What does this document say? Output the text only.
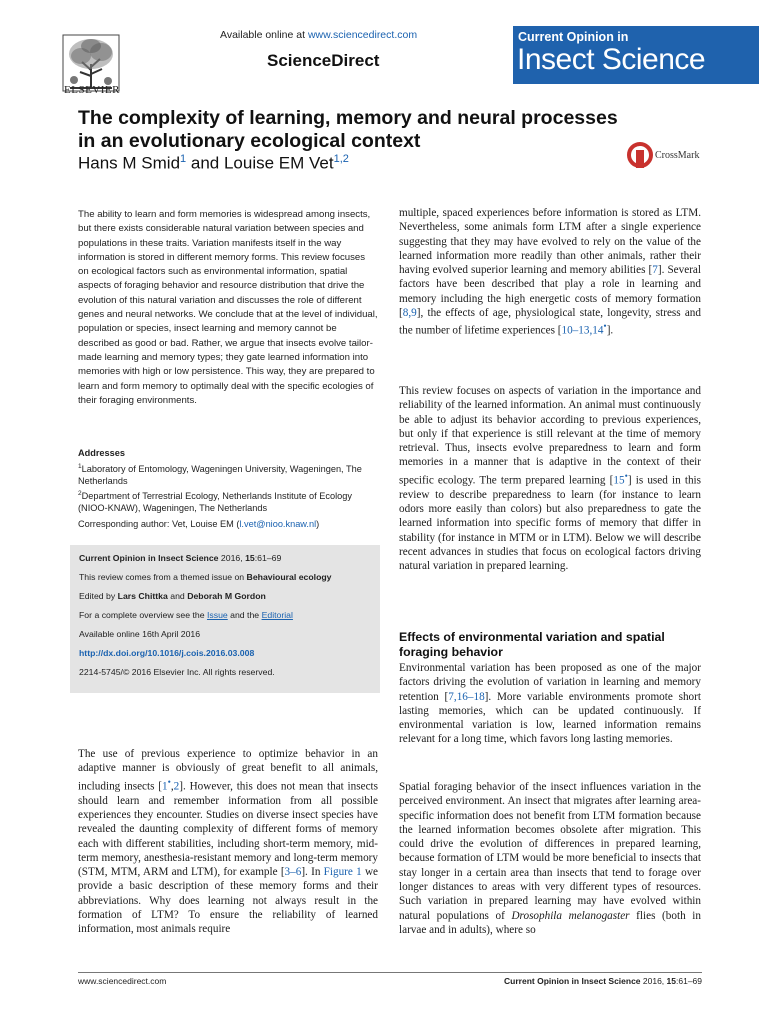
ELSEVIER
Available online at www.sciencedirect.com
ScienceDirect
Current Opinion in
Insect Science
The complexity of learning, memory and neural processes in an evolutionary ecological context
Hans M Smid$^1$ and Louise EM Vet$^{1,2}$	CrossMark
The ability to learn and form memories is widespread among insects, but there exists considerable natural variation between species and populations in these traits. Variation manifests itself in the way information is stored in different memory forms. This review focuses on ecological factors such as environmental information, spatial aspects of foraging behavior and resource distribution that drive the evolution of this natural variation and discusses the role of different genes and neural networks. We conclude that at the level of individual, population or species, insect learning and memory cannot be described as good or bad. Rather, we argue that insects evolve tailor-made learning and memory types; they gate learned information into memories with high or low persistence. This way, they are prepared to learn and form memory to optimally deal with the specific ecologies of their foraging environments.
Addresses

$^1$Laboratory of Entomology, Wageningen University, Wageningen, The Netherlands

$^2$Department of Terrestrial Ecology, Netherlands Institute of Ecology (NIOO-KNAW), Wageningen, The Netherlands

Corresponding author: Vet, Louise EM (l.vet@nioo.knaw.nl)

Current Opinion in Insect Science 2016, 15:61–69

This review comes from a themed issue on Behavioural ecology

Edited by Lars Chittka and Deborah M Gordon

For a complete overview see the Issue and the Editorial

Available online 16th April 2016

http://dx.doi.org/10.1016/j.cois.2016.03.008

2214-5745/© 2016 Elsevier Inc. All rights reserved.

The use of previous experience to optimize behavior in an adaptive manner is obviously of great benefit to all animals, including insects [1•,2]. However, this does not mean that insects should learn and remember information from all possible experiences they encounter. Studies on diverse insect species have revealed the daunting complexity of different forms of memory each with different stabilities, including short-term memory, mid-term memory, anesthesia-resistant memory and long-term memory (STM, MTM, ARM and LTM), for example [3–6]. In Figure 1 we provide a basic description of these memory forms and their abbreviations. Why does learning not always result in the formation of LTM? To ensure the reliability of learned information, most animals require
multiple, spaced experiences before information is stored as LTM. Nevertheless, some animals form LTM after a single experience suggesting that they may have evolved to rely on the value of the learned information more readily than other animals, rather their having evolved superior learning and memory abilities [7]. Several factors have been described that play a role in learning and memory including the high energetic costs of memory formation [8,9], the effects of age, physiological state, longevity, stress and the number of lifetime experiences [10–13,14•].
This review focuses on aspects of variation in the importance and reliability of the learned information. An animal must continuously be able to adjust its behavior according to previous experiences, but only if that experience is still relevant at the time of memory retrieval. Thus, insects evolve preparedness to learn and form memories in a manner that is adaptive in the context of their specific ecology. The term prepared learning [15•] is used in this review to describe preparedness to learn (for instance to learn odors more easily than colors) but also preparedness to gate the learned information into specific forms of memory that differ in stability (for instance in MTM or in LTM). Below we will describe recent advances in studies that focus on ecological factors driving natural variation in prepared learning.
Effects of environmental variation and spatial foraging behavior
Environmental variation has been proposed as one of the major factors driving the evolution of variation in learning and memory retention [7,16–18]. More variable environments promote short lasting memories, which can be updated continuously. If environmental variation is low, learned information remains relevant for a long time, which favors long lasting memories.
Spatial foraging behavior of the insect influences variation in the perceived environment. An insect that migrates after learning area-specific information does not benefit from LTM formation because the learned information becomes obsolete after migration. This could drive the evolution of differences in prepared learning, because formation of LTM would be more beneficial to insects that stay longer in a certain area than insects that tend to forage over longer distances to areas with very different types of resources. Such variation in prepared learning may have evolved within natural populations of Drosophila melanogaster flies (both in larvae and in adults), where so
www.sciencedirect.com	Current Opinion in Insect Science 2016, 15:61–69
